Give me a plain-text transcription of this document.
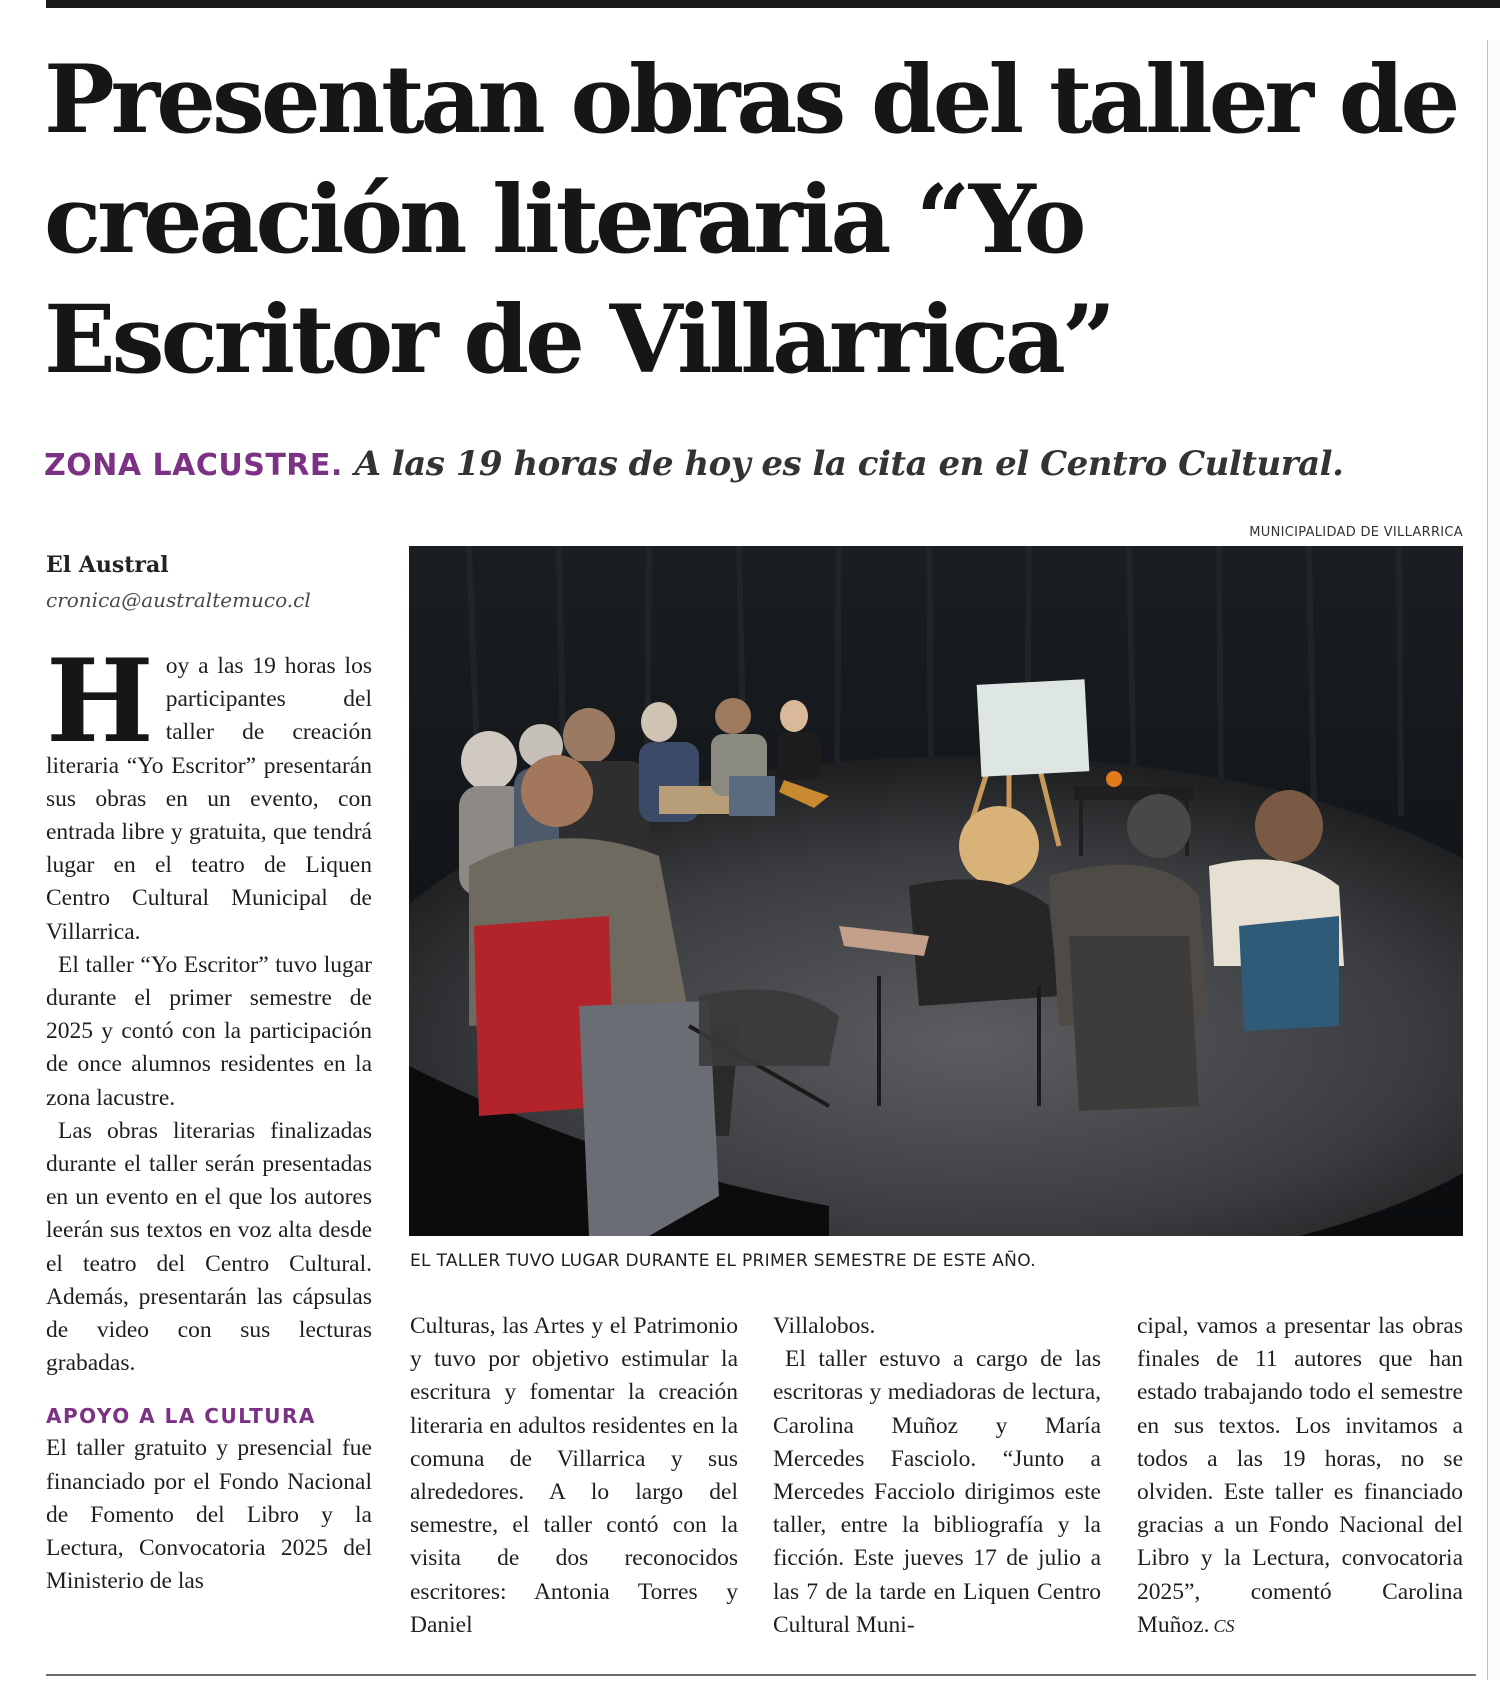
Presentan obras del taller de creación literaria “Yo Escritor de Villarrica”
ZONA LACUSTRE. A las 19 horas de hoy es la cita en el Centro Cultural.
El Austral
cronica@australtemuco.cl
MUNICIPALIDAD DE VILLARRICA
EL TALLER TUVO LUGAR DURANTE EL PRIMER SEMESTRE DE ESTE AÑO.

Hoy a las 19 horas los participantes del taller de creación literaria “Yo Escritor” presentarán sus obras en un evento, con entrada libre y gratuita, que tendrá lugar en el teatro de Liquen Centro Cultural Municipal de Villarrica.

El taller “Yo Escritor” tuvo lugar durante el primer semestre de 2025 y contó con la participación de once alumnos residentes en la zona lacustre.

Las obras literarias finalizadas durante el taller serán presentadas en un evento en el que los autores leerán sus textos en voz alta desde el teatro del Centro Cultural. Además, presentarán las cápsulas de video con sus lecturas grabadas.

APOYO A LA CULTURA

El taller gratuito y presencial fue financiado por el Fondo Nacional de Fomento del Libro y la Lectura, Convocatoria 2025 del Ministerio de las

Culturas, las Artes y el Patrimonio y tuvo por objetivo estimular la escritura y fomentar la creación literaria en adultos residentes en la comuna de Villarrica y sus alrededores. A lo largo del semestre, el taller contó con la visita de dos reconocidos escritores: Antonia Torres y Daniel

Villalobos.

El taller estuvo a cargo de las escritoras y mediadoras de lectura, Carolina Muñoz y María Mercedes Fasciolo. “Junto a Mercedes Facciolo dirigimos este taller, entre la bibliografía y la ficción. Este jueves 17 de julio a las 7 de la tarde en Liquen Centro Cultural Muni-

cipal, vamos a presentar las obras finales de 11 autores que han estado trabajando todo el semestre en sus textos. Los invitamos a todos a las 19 horas, no se olviden. Este taller es financiado gracias a un Fondo Nacional del Libro y la Lectura, convocatoria 2025”, comentó Carolina Muñoz. CS
